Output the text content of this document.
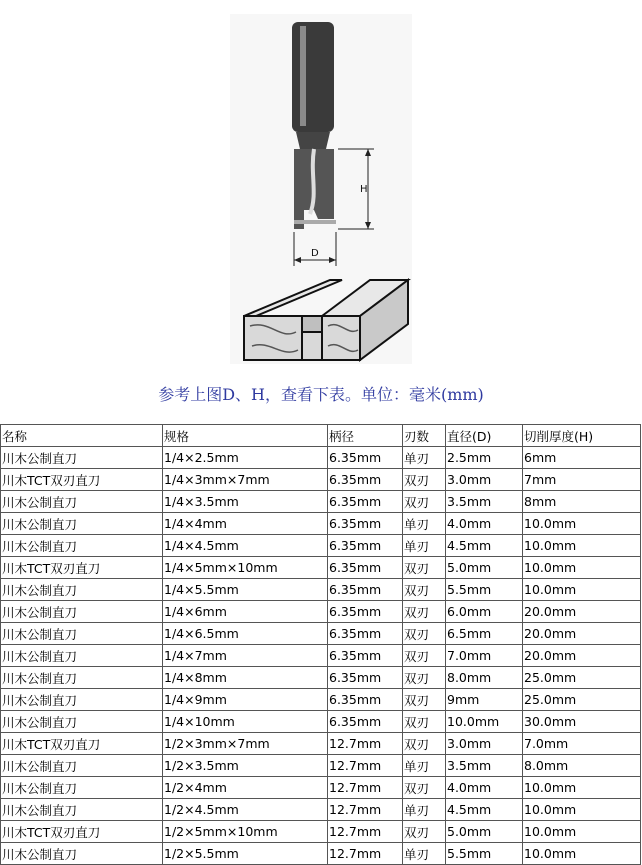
H
D
参考上图D、H，查看下表。单位：毫米(mm)
名称	规格	柄径	刃数	直径(D)	切削厚度(H)
川木公制直刀	1/4×2.5mm	6.35mm	单刃	2.5mm	6mm
川木TCT双刃直刀	1/4×3mm×7mm	6.35mm	双刃	3.0mm	7mm
川木公制直刀	1/4×3.5mm	6.35mm	双刃	3.5mm	8mm
川木公制直刀	1/4×4mm	6.35mm	单刃	4.0mm	10.0mm
川木公制直刀	1/4×4.5mm	6.35mm	单刃	4.5mm	10.0mm
川木TCT双刃直刀	1/4×5mm×10mm	6.35mm	双刃	5.0mm	10.0mm
川木公制直刀	1/4×5.5mm	6.35mm	双刃	5.5mm	10.0mm
川木公制直刀	1/4×6mm	6.35mm	双刃	6.0mm	20.0mm
川木公制直刀	1/4×6.5mm	6.35mm	双刃	6.5mm	20.0mm
川木公制直刀	1/4×7mm	6.35mm	双刃	7.0mm	20.0mm
川木公制直刀	1/4×8mm	6.35mm	双刃	8.0mm	25.0mm
川木公制直刀	1/4×9mm	6.35mm	双刃	9mm	25.0mm
川木公制直刀	1/4×10mm	6.35mm	双刃	10.0mm	30.0mm
川木TCT双刃直刀	1/2×3mm×7mm	12.7mm	双刃	3.0mm	7.0mm
川木公制直刀	1/2×3.5mm	12.7mm	单刃	3.5mm	8.0mm
川木公制直刀	1/2×4mm	12.7mm	双刃	4.0mm	10.0mm
川木公制直刀	1/2×4.5mm	12.7mm	单刃	4.5mm	10.0mm
川木TCT双刃直刀	1/2×5mm×10mm	12.7mm	双刃	5.0mm	10.0mm
川木公制直刀	1/2×5.5mm	12.7mm	单刃	5.5mm	10.0mm
